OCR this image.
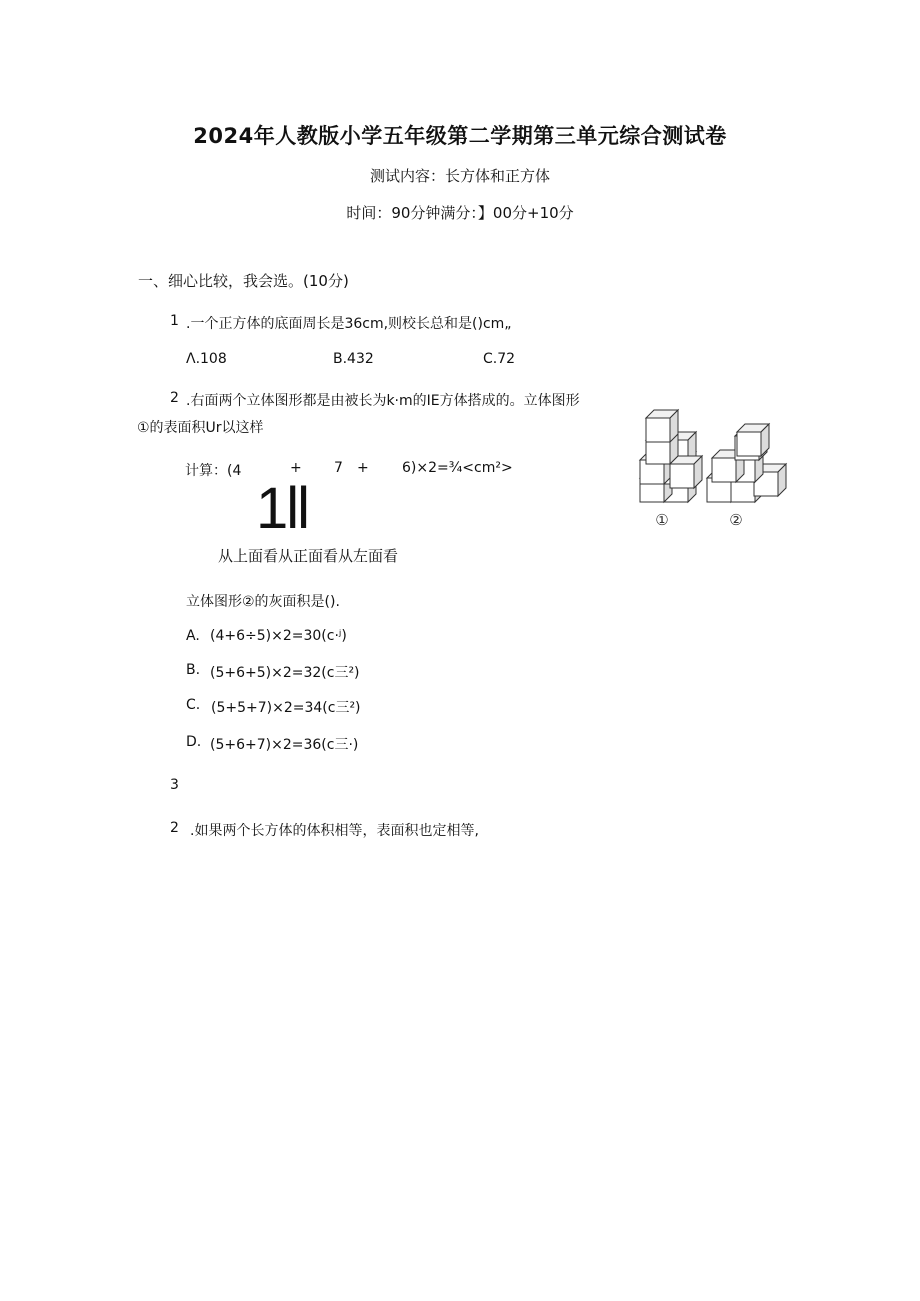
2024年人教版小学五年级第二学期第三单元综合测试卷
测试内容：长方体和正方体
时间：90分钟满分：】00分+10分
一、细心比较，我会选。(10分)
1 .一个正方体的底面周长是36cm,则校长总和是()cm„
Λ.108	B.432	C.72
2 .右面两个立体图形都是由被长为k·m的IE方体搭成的。立体图形
①的表面积Ur以这样
计算：(4	+ 7 + 6)×2=¾<cm²>
1ll
从上面看从正面看从左面看
立体图形②的灰面积是().
A. (4+6÷5)×2=30(c·ʲ)
B. (5+6+5)×2=32(c三²)
C. (5+5+7)×2=34(c三²)
D. (5+6+7)×2=36(c三·)
3
2 .如果两个长方体的体积相等，表面积也定相等,
①	②
